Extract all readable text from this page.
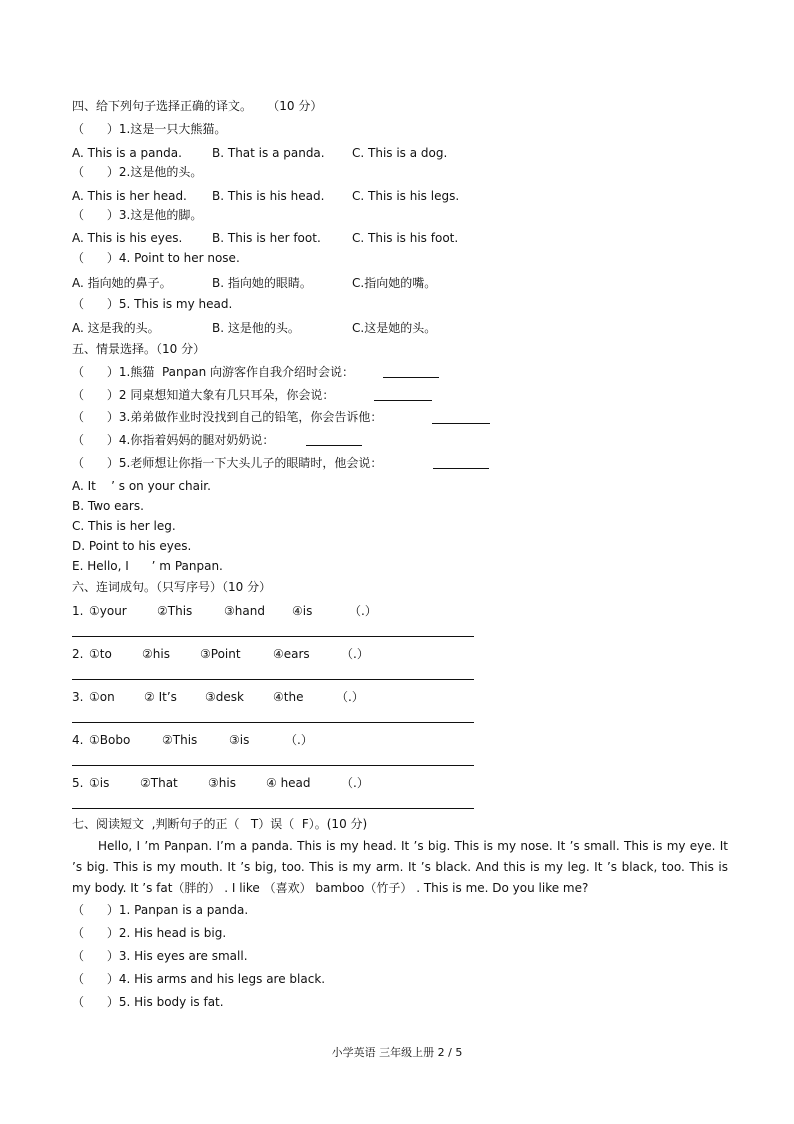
四、给下列句子选择正确的译文。    （10 分）
（      ）1.这是一只大熊猫。
A. This is a panda.	B. That is a panda. C. This is a dog.
（      ）2.这是他的头。
A. This is her head. B. This is his head. C. This is his legs.
（      ）3.这是他的脚。
A. This is his eyes. B. This is her foot.	C. This is his foot.
（      ）4. Point to her nose.
A. 指向她的鼻子。	B. 指向她的眼睛。	C.指向她的嘴。
（      ）5. This is my head.
A. 这是我的头。	B. 这是他的头。	C.这是她的头。
五、情景选择。（10 分）
（      ）1.熊猫  Panpan 向游客作自我介绍时会说：
（      ）2 同桌想知道大象有几只耳朵，你会说：
（      ）3.弟弟做作业时没找到自己的铅笔，你会告诉他：
（      ）4.你指着妈妈的腿对奶奶说：
（      ）5.老师想让你指一下大头儿子的眼睛时，他会说：
A. It    ’ s on your chair.
B. Two ears.
C. This is her leg.
D. Point to his eyes.
E. Hello, I      ’ m Panpan.
六、连词成句。（只写序号）（10 分）
1. ①your	②This	③hand ④is	（.）
2. ①to	②his	③Point	④ears	（.）
3. ①on ② It’s ③desk ④the	（.）
4. ①Bobo	②This	③is	（.）
5. ①is	②That	③his	④ head	（.）
七、阅读短文  ,判断句子的正（   T）误（  F）。(10 分)
Hello, I ’m Panpan. I’m a panda. This is my head. It ’s big. This is my nose. It ’s small. This is my eye. It ’s big. This is my mouth. It ’s big, too. This is my arm. It ’s black. And this is my leg. It ’s black, too. This is my body. It ’s fat（胖的） . I like （喜欢） bamboo（竹子） . This is me. Do you like me?
（      ）1. Panpan is a panda.
（      ）2. His head is big.
（      ）3. His eyes are small.
（      ）4. His arms and his legs are black.
（      ）5. His body is fat.
小学英语 三年级上册 2 / 5
